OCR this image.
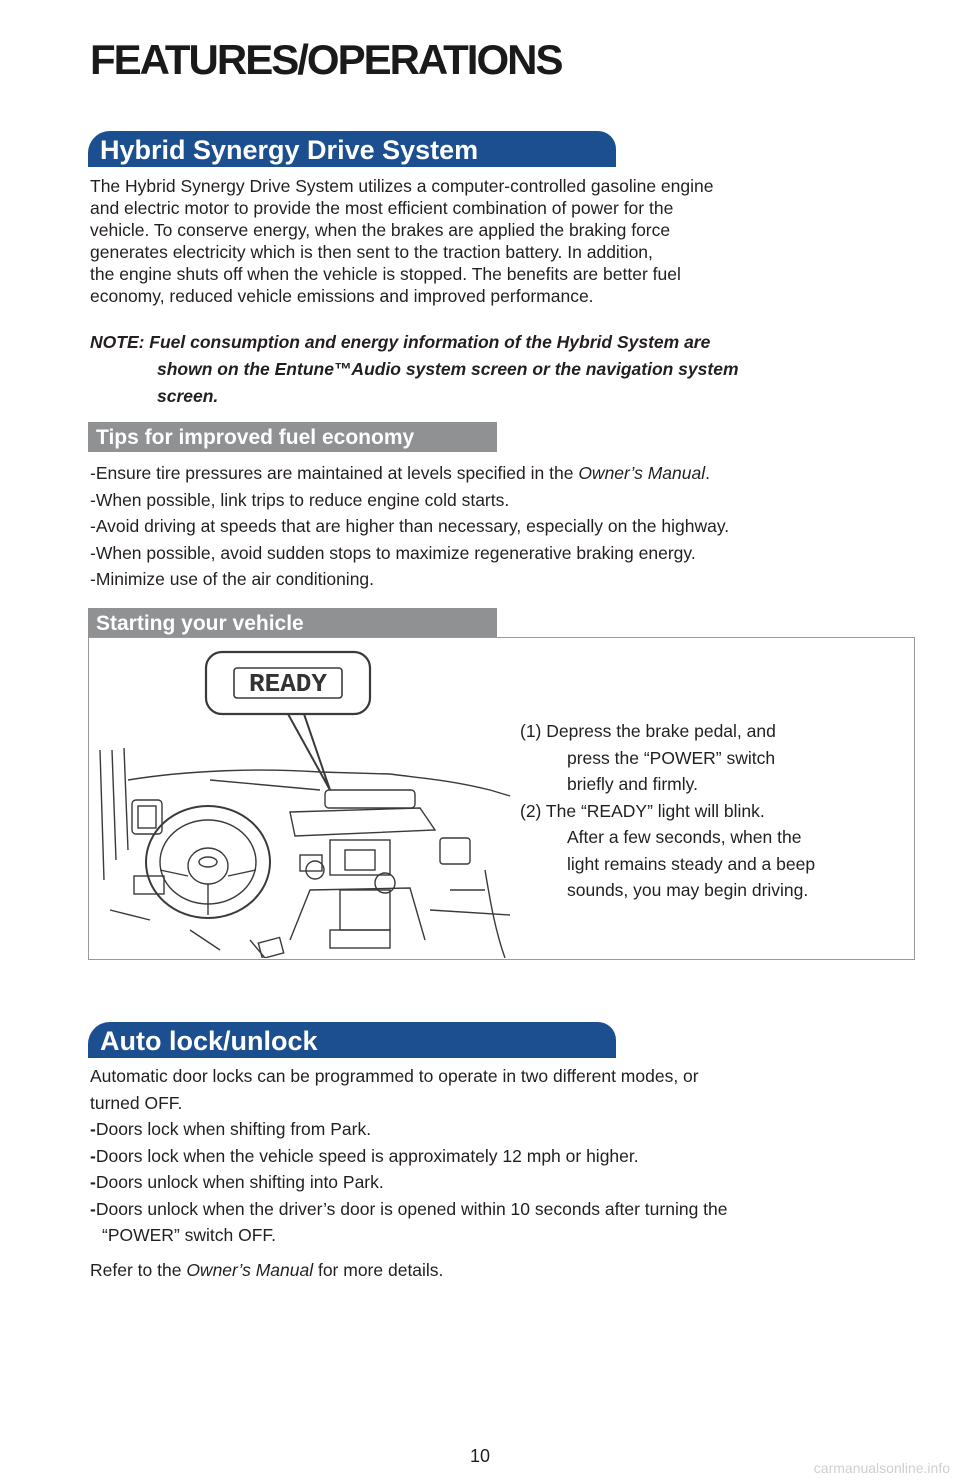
FEATURES/OPERATIONS
Hybrid Synergy Drive System
The Hybrid Synergy Drive System utilizes a computer-controlled gasoline engine
and electric motor to provide the most efficient combination of power for the
vehicle. To conserve energy, when the brakes are applied the braking force
generates electricity which is then sent to the traction battery. In addition,
the engine shuts off when the vehicle is stopped. The benefits are better fuel
economy, reduced vehicle emissions and improved performance.
NOTE: Fuel consumption and energy information of the Hybrid System are
shown on the Entune™Audio system screen or the navigation system
screen.
Tips for improved fuel economy
-Ensure tire pressures are maintained at levels specified in the Owner’s Manual.
-When possible, link trips to reduce engine cold starts.
-Avoid driving at speeds that are higher than necessary, especially on the highway.
-When possible, avoid sudden stops to maximize regenerative braking energy.
-Minimize use of the air conditioning.
Starting your vehicle
READY
(1) Depress the brake pedal, and
press the “POWER” switch
briefly and firmly.
(2) The “READY” light will blink.
After a few seconds, when the
light remains steady and a beep
sounds, you may begin driving.
Auto lock/unlock
Automatic door locks can be programmed to operate in two different modes, or
turned OFF.
-Doors lock when shifting from Park.
-Doors lock when the vehicle speed is approximately 12 mph or higher.
-Doors unlock when shifting into Park.
-Doors unlock when the driver’s door is opened within 10 seconds after turning the
“POWER” switch OFF.
Refer to the Owner’s Manual for more details.
10
carmanualsonline.info
